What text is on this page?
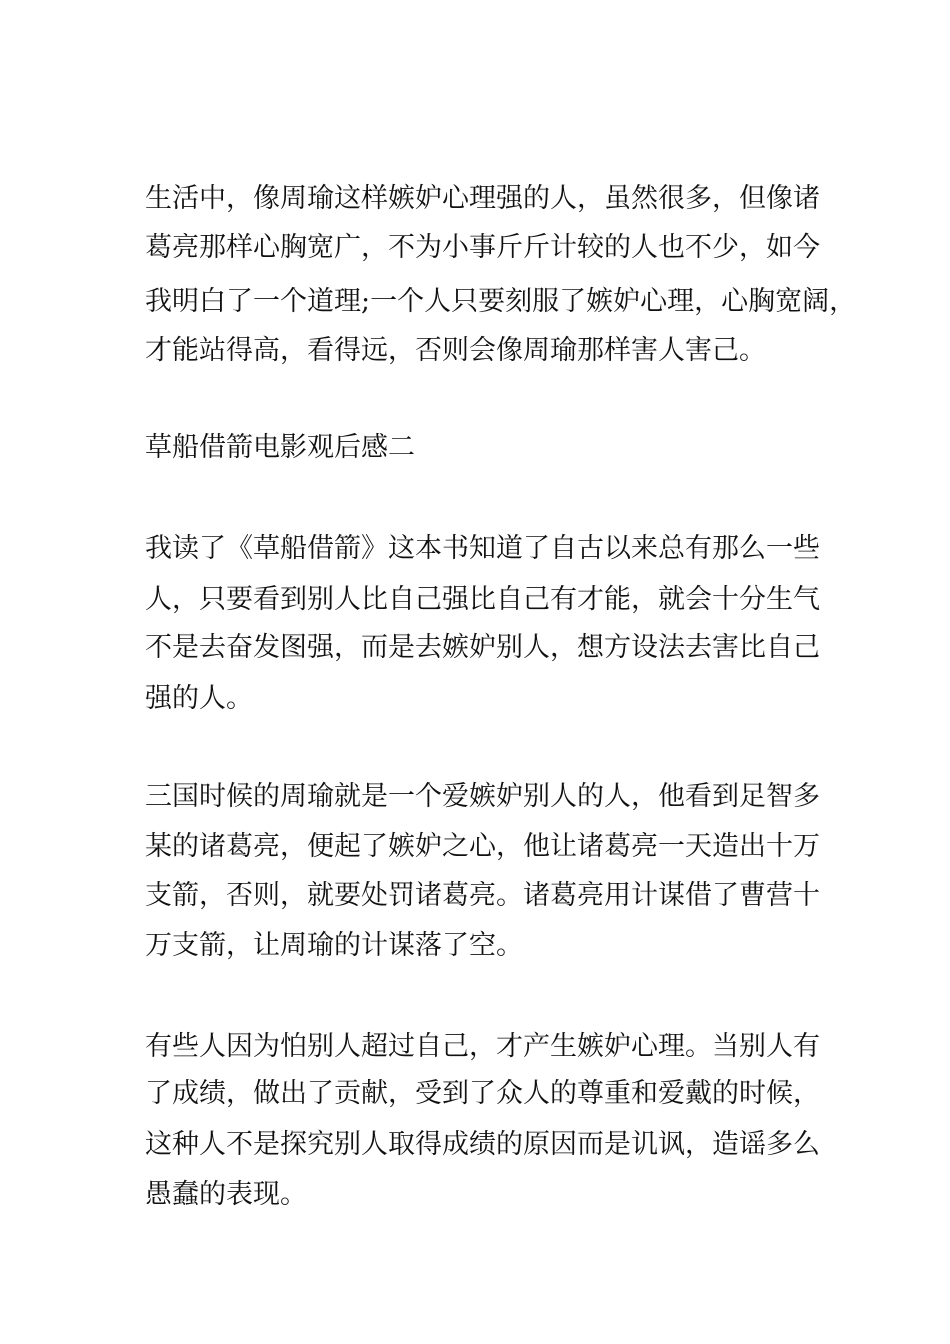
生活中，像周瑜这样嫉妒心理强的人，虽然很多，但像诸

葛亮那样心胸宽广，不为小事斤斤计较的人也不少，如今

我明白了一个道理;一个人只要刻服了嫉妒心理，心胸宽阔，

才能站得高，看得远，否则会像周瑜那样害人害己。

草船借箭电影观后感二

我读了《草船借箭》这本书知道了自古以来总有那么一些

人，只要看到别人比自己强比自己有才能，就会十分生气

不是去奋发图强，而是去嫉妒别人，想方设法去害比自己

强的人。

三国时候的周瑜就是一个爱嫉妒别人的人，他看到足智多

某的诸葛亮，便起了嫉妒之心，他让诸葛亮一天造出十万

支箭，否则，就要处罚诸葛亮。诸葛亮用计谋借了曹营十

万支箭，让周瑜的计谋落了空。

有些人因为怕别人超过自己，才产生嫉妒心理。当别人有

了成绩，做出了贡献，受到了众人的尊重和爱戴的时候，

这种人不是探究别人取得成绩的原因而是讥讽，造谣多么

愚蠢的表现。
